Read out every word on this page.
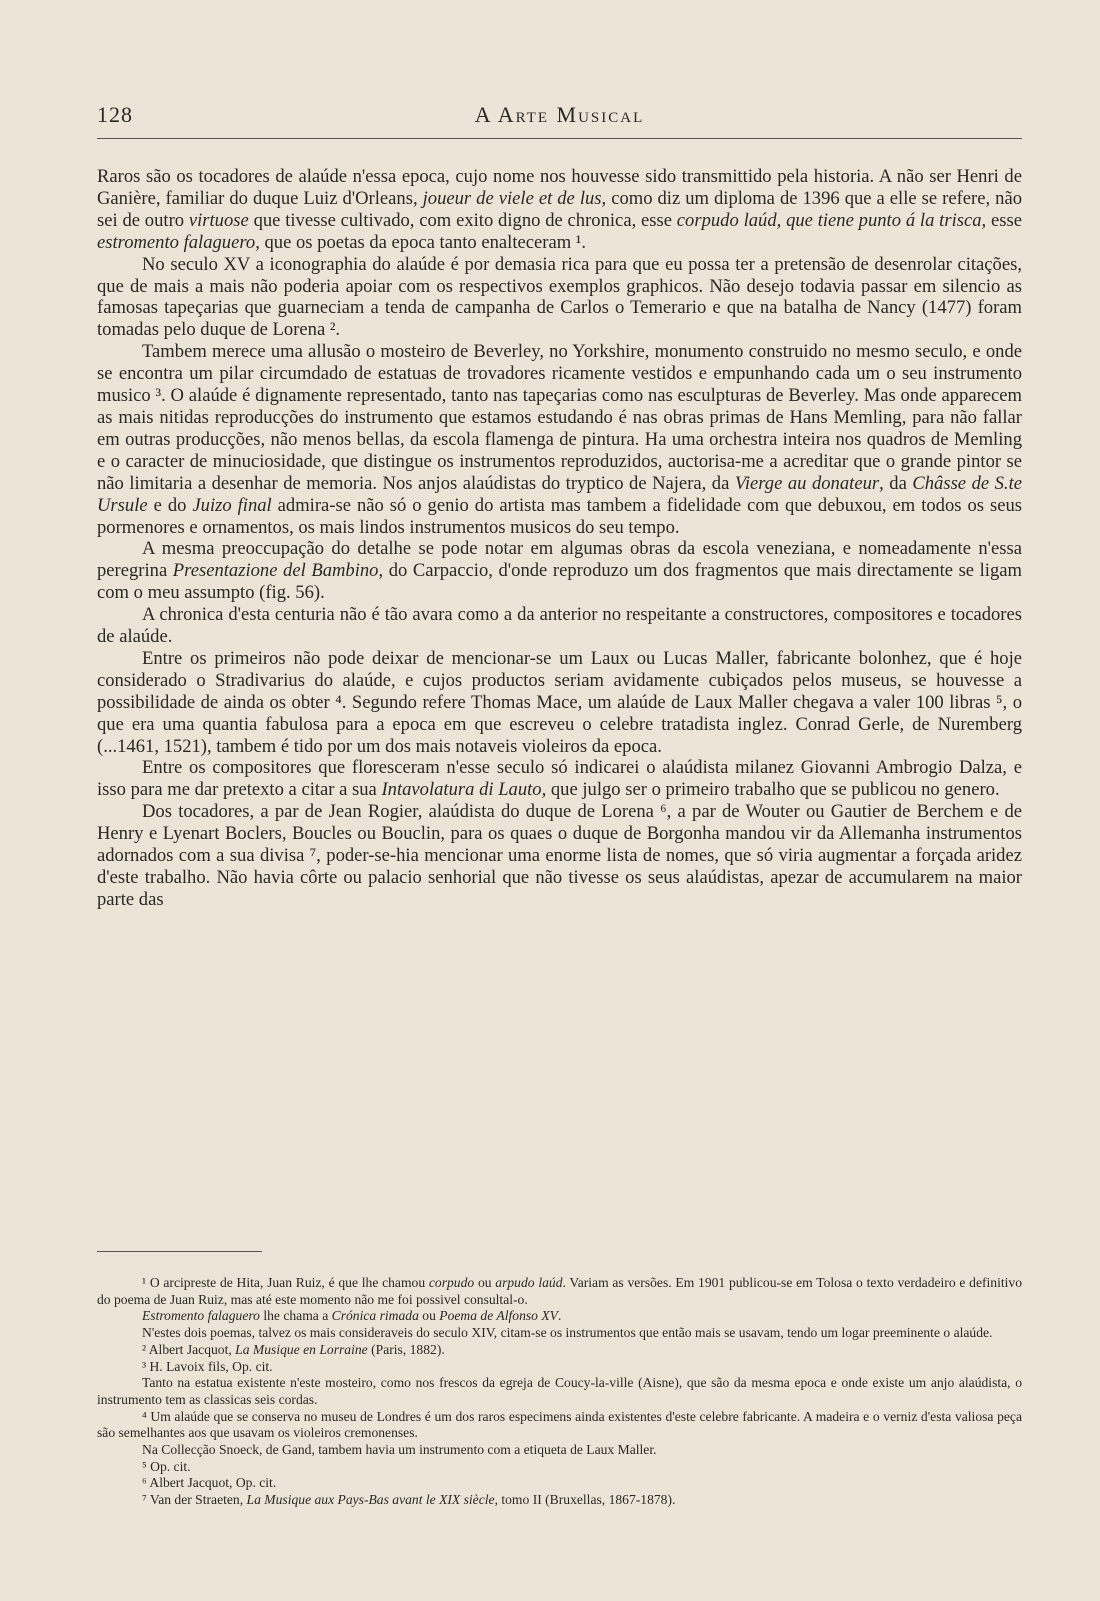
128	A Arte Musical

Raros são os tocadores de alaúde n'essa epoca, cujo nome nos houvesse sido transmittido pela historia. A não ser Henri de Ganière, familiar do duque Luiz d'Orleans, joueur de viele et de lus, como diz um diploma de 1396 que a elle se refere, não sei de outro virtuose que tivesse cultivado, com exito digno de chronica, esse corpudo laúd, que tiene punto á la trisca, esse estromento falaguero, que os poetas da epoca tanto enalteceram ¹.

No seculo XV a iconographia do alaúde é por demasia rica para que eu possa ter a pretensão de desenrolar citações, que de mais a mais não poderia apoiar com os respectivos exemplos graphicos. Não desejo todavia passar em silencio as famosas tapeçarias que guarneciam a tenda de campanha de Carlos o Temerario e que na batalha de Nancy (1477) foram tomadas pelo duque de Lorena ².

Tambem merece uma allusão o mosteiro de Beverley, no Yorkshire, monumento construido no mesmo seculo, e onde se encontra um pilar circumdado de estatuas de trovadores ricamente vestidos e empunhando cada um o seu instrumento musico ³. O alaúde é dignamente representado, tanto nas tapeçarias como nas esculpturas de Beverley. Mas onde apparecem as mais nitidas reproducções do instrumento que estamos estudando é nas obras primas de Hans Memling, para não fallar em outras producções, não menos bellas, da escola flamenga de pintura. Ha uma orchestra inteira nos quadros de Memling e o caracter de minuciosidade, que distingue os instrumentos reproduzidos, auctorisa-me a acreditar que o grande pintor se não limitaria a desenhar de memoria. Nos anjos alaúdistas do tryptico de Najera, da Vierge au donateur, da Châsse de S.te Ursule e do Juizo final admira-se não só o genio do artista mas tambem a fidelidade com que debuxou, em todos os seus pormenores e ornamentos, os mais lindos instrumentos musicos do seu tempo.

A mesma preoccupação do detalhe se pode notar em algumas obras da escola veneziana, e nomeadamente n'essa peregrina Presentazione del Bambino, do Carpaccio, d'onde reproduzo um dos fragmentos que mais directamente se ligam com o meu assumpto (fig. 56).

A chronica d'esta centuria não é tão avara como a da anterior no respeitante a constructores, compositores e tocadores de alaúde.

Entre os primeiros não pode deixar de mencionar-se um Laux ou Lucas Maller, fabricante bolonhez, que é hoje considerado o Stradivarius do alaúde, e cujos productos seriam avidamente cubiçados pelos museus, se houvesse a possibilidade de ainda os obter ⁴. Segundo refere Thomas Mace, um alaúde de Laux Maller chegava a valer 100 libras ⁵, o que era uma quantia fabulosa para a epoca em que escreveu o celebre tratadista inglez. Conrad Gerle, de Nuremberg (...1461, 1521), tambem é tido por um dos mais notaveis violeiros da epoca.

Entre os compositores que floresceram n'esse seculo só indicarei o alaúdista milanez Giovanni Ambrogio Dalza, e isso para me dar pretexto a citar a sua Intavolatura di Lauto, que julgo ser o primeiro trabalho que se publicou no genero.

Dos tocadores, a par de Jean Rogier, alaúdista do duque de Lorena ⁶, a par de Wouter ou Gautier de Berchem e de Henry e Lyenart Boclers, Boucles ou Bouclin, para os quaes o duque de Borgonha mandou vir da Allemanha instrumentos adornados com a sua divisa ⁷, poder-se-hia mencionar uma enorme lista de nomes, que só viria augmentar a forçada aridez d'este trabalho. Não havia côrte ou palacio senhorial que não tivesse os seus alaúdistas, apezar de accumularem na maior parte das

¹ O arcipreste de Hita, Juan Ruiz, é que lhe chamou corpudo ou arpudo laúd. Variam as versões. Em 1901 publicou-se em Tolosa o texto verdadeiro e definitivo do poema de Juan Ruiz, mas até este momento não me foi possivel consultal-o.

Estromento falaguero lhe chama a Crónica rimada ou Poema de Alfonso XV.

N'estes dois poemas, talvez os mais consideraveis do seculo XIV, citam-se os instrumentos que então mais se usavam, tendo um logar preeminente o alaúde.

² Albert Jacquot, La Musique en Lorraine (Paris, 1882).

³ H. Lavoix fils, Op. cit.

Tanto na estatua existente n'este mosteiro, como nos frescos da egreja de Coucy-la-ville (Aisne), que são da mesma epoca e onde existe um anjo alaúdista, o instrumento tem as classicas seis cordas.

⁴ Um alaúde que se conserva no museu de Londres é um dos raros especimens ainda existentes d'este celebre fabricante. A madeira e o verniz d'esta valiosa peça são semelhantes aos que usavam os violeiros cremonenses.

Na Collecção Snoeck, de Gand, tambem havia um instrumento com a etiqueta de Laux Maller.

⁵ Op. cit.

⁶ Albert Jacquot, Op. cit.

⁷ Van der Straeten, La Musique aux Pays-Bas avant le XIX siècle, tomo II (Bruxellas, 1867-1878).
